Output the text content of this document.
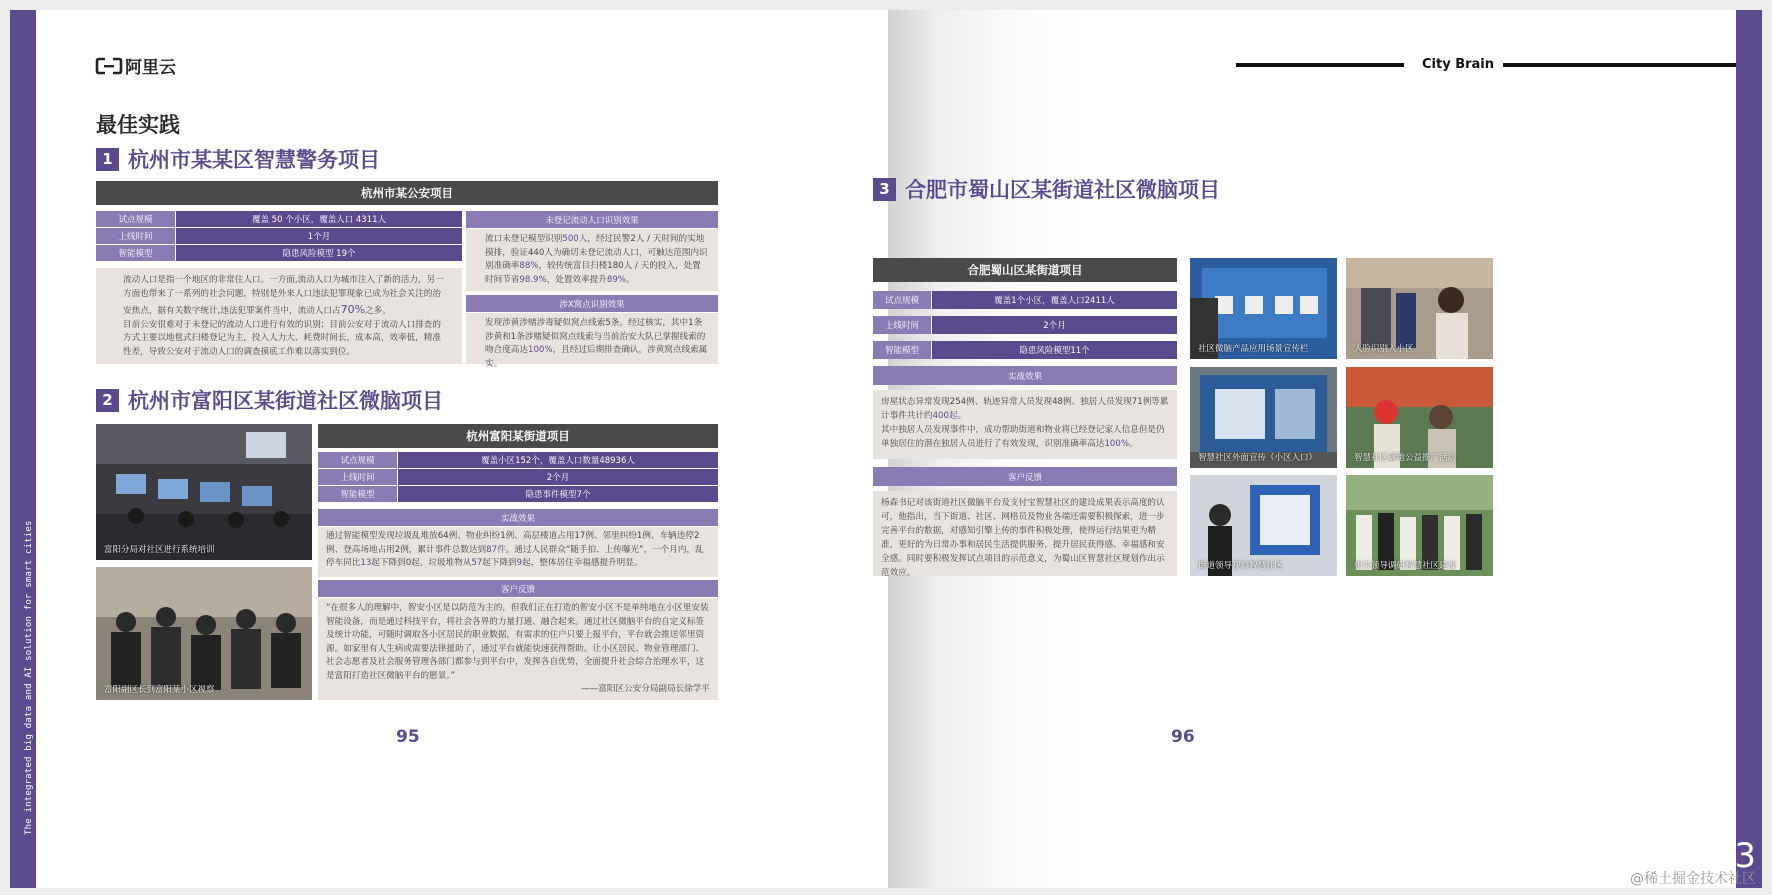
The integrated big data and AI solution for smart cities
阿里云
最佳实践
1 杭州市某某区智慧警务项目
杭州市某公安项目
试点规模	覆盖 50 个小区，覆盖人口 4311人
上线时间	1个月
智能模型	隐患风险模型 19个

流动人口是指一个地区的非常住人口。一方面,流动人口为城市注入了新的活力，另一方面也带来了一系列的社会问题，特别是外来人口违法犯罪现象已成为社会关注的治安焦点，据有关数字统计,违法犯罪案件当中，流动人口占70%之多。

目前公安很难对于未登记的流动人口进行有效的识别；目前公安对于流动人口排查的方式主要以地毯式扫楼登记为主，投入人力大、耗费时间长，成本高，效率低，精准性差，导致公安对于流动人口的调查摸底工作难以落实到位。

未登记流动人口识别效果
流口未登记模型识别500人，经过民警2人 / 天时间的实地摸排，验证440人为确切未登记流动人口，可触达范围内识别准确率88%，较传统富目扫楼180人 / 天的投入，处置时间节省98.9%，处置效率提升89%。
涉X窝点识别效果
发现涉黄涉赌涉毒疑似窝点线索5条。经过核实，其中1条涉黄和1条涉赌疑似窝点线索与当前治安大队已掌握线索的吻合度高达100%，且经过后期排查确认，涉黄窝点线索属实。
2 杭州市富阳区某街道社区微脑项目
富阳分局对社区进行系统培训
富阳副区长到富阳某小区视察
杭州富阳某街道项目
试点规模	覆盖小区152个，覆盖人口数量48936人
上线时间	2个月
智能模型	隐患事件模型7个
实战效果
通过智能模型发现垃圾乱堆放64例、物业纠纷1例、高层楼道占用17例、邻里纠纷1例、车辆违停2例、登高场地占用2例，累计事件总数达到87件。通过人民群众“随手拍、上传曝光”，一个月内，乱停车同比13起下降到0起，垃圾堆物从57起下降到9起，整体居住幸福感提升明显。
客户反馈

“在很多人的理解中，智安小区是以防范为主的，但我们正在打造的智安小区不是单纯地在小区里安装智能设备，而是通过科技平台，将社会各界的力量打通、融合起来。通过社区微脑平台的自定义标签及统计功能，可随时调取各小区居民的职业数据，有需求的住户只要上报平台，平台就会推送邻里资源。如家里有人生病或需要法律援助了，通过平台就能快速获得帮助。让小区居民、物业管理部门、社会志愿者及社会服务管理各部门都参与到平台中，发挥各自优势，全面提升社会综合治理水平，这是富阳打造社区微脑平台的愿景。”

——富阳区公安分局副局长徐学平

95
City Brain
3 合肥市蜀山区某街道社区微脑项目
合肥蜀山区某街道项目
试点规模	覆盖1个小区，覆盖人口2411人
上线时间	2个月
智能模型	隐患风险模型11个
实战效果

房屋状态异常发现254例、轨迹异常人员发现48例、独居人员发现71例等累计事件共计约400起。

其中独居人员发现事件中，成功帮助街道和物业将已经登记家人信息但是仍单独居住的潜在独居人员进行了有效发现，识别准确率高达100%。

客户反馈

杨森书记对该街道社区微脑平台及支付宝智慧社区的建设成果表示高度的认可，他指出，当下街道、社区、网格员及物业各端还需要积极探索，进一步完善平台的数据，对感知引擎上传的事件积极处理，使得运行结果更为精准，更好的为日常办事和居民生活提供服务，提升居民获得感、幸福感和安全感。同时要积极发挥试点项目的示范意义，为蜀山区智慧社区规划作出示范效应。

社区微脑产品应用场景宣传栏	人脸识别入小区
智慧社区外面宣传（小区入口）	智慧社区落地公益推广活动
街道领导视察智慧社区	相关领导调研智慧社区建设
96
3
@稀土掘金技术社区
